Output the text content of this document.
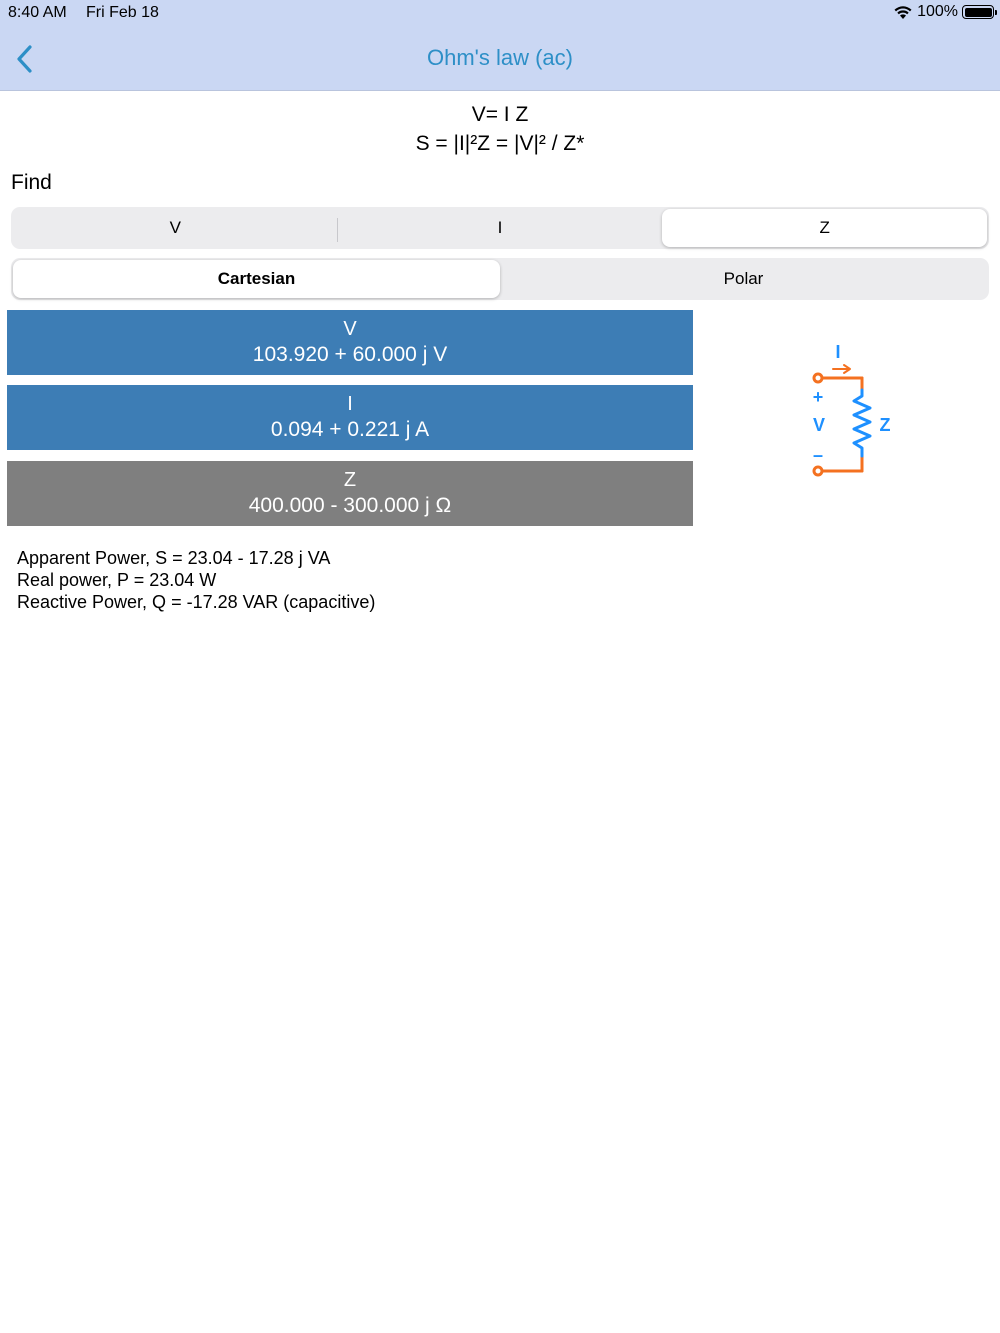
8:40 AM Fri Feb 18	100%
Ohm's law (ac)
V= I Z
S = |I|²Z = |V|² / Z*
Find
V	I	Z
Cartesian	Polar
V
103.920 + 60.000 j V
I
0.094 + 0.221 j A
Z
400.000 - 300.000 j Ω
I
+
V
–
Z
Apparent Power, S = 23.04 - 17.28 j VA
Real power, P = 23.04 W
Reactive Power, Q = -17.28 VAR (capacitive)
